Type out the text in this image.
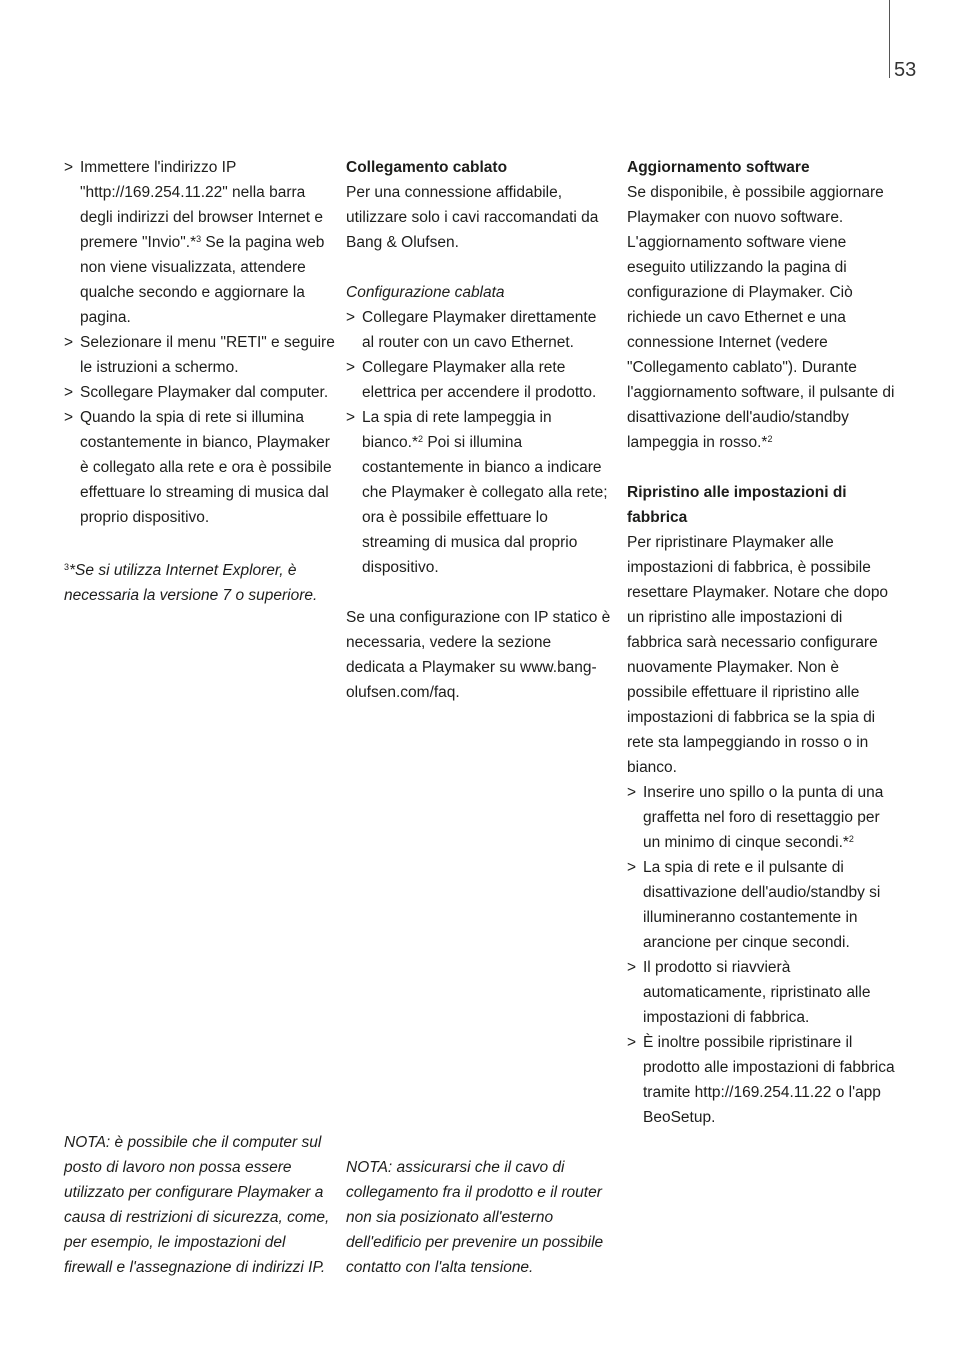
53
> Immettere l'indirizzo IP "http://169.254.11.22" nella barra degli indirizzi del browser Internet e premere "Invio".*$^3$ Se la pagina web non viene visualizzata, attendere qualche secondo e aggiornare la pagina.
> Selezionare il menu "RETI" e seguire le istruzioni a schermo.
> Scollegare Playmaker dal computer.
> Quando la spia di rete si illumina costantemente in bianco, Playmaker è collegato alla rete e ora è possibile effettuare lo streaming di musica dal proprio dispositivo.
$^3$*Se si utilizza Internet Explorer, è necessaria la versione 7 o superiore.
NOTA: è possibile che il computer sul posto di lavoro non possa essere utilizzato per configurare Playmaker a causa di restrizioni di sicurezza, come, per esempio, le impostazioni del firewall e l'assegnazione di indirizzi IP.
Collegamento cablato
Per una connessione affidabile, utilizzare solo i cavi raccomandati da Bang & Olufsen.
Configurazione cablata
> Collegare Playmaker direttamente al router con un cavo Ethernet.
> Collegare Playmaker alla rete elettrica per accendere il prodotto.
> La spia di rete lampeggia in bianco.*$^2$ Poi si illumina costantemente in bianco a indicare che Playmaker è collegato alla rete; ora è possibile effettuare lo streaming di musica dal proprio dispositivo.
Se una configurazione con IP statico è necessaria, vedere la sezione dedicata a Playmaker su www.bang-olufsen.com/faq.
NOTA: assicurarsi che il cavo di collegamento fra il prodotto e il router non sia posizionato all'esterno dell'edificio per prevenire un possibile contatto con l'alta tensione.
Aggiornamento software
Se disponibile, è possibile aggiornare Playmaker con nuovo software. L'aggiornamento software viene eseguito utilizzando la pagina di configurazione di Playmaker. Ciò richiede un cavo Ethernet e una connessione Internet (vedere "Collegamento cablato"). Durante l'aggiornamento software, il pulsante di disattivazione dell'audio/standby lampeggia in rosso.*$^2$
Ripristino alle impostazioni di fabbrica
Per ripristinare Playmaker alle impostazioni di fabbrica, è possibile resettare Playmaker. Notare che dopo un ripristino alle impostazioni di fabbrica sarà necessario configurare nuovamente Playmaker. Non è possibile effettuare il ripristino alle impostazioni di fabbrica se la spia di rete sta lampeggiando in rosso o in bianco.
> Inserire uno spillo o la punta di una graffetta nel foro di resettaggio per un minimo di cinque secondi.*$^2$
> La spia di rete e il pulsante di disattivazione dell'audio/standby si illumineranno costantemente in arancione per cinque secondi.
> Il prodotto si riavvierà automaticamente, ripristinato alle impostazioni di fabbrica.
> È inoltre possibile ripristinare il prodotto alle impostazioni di fabbrica tramite http://169.254.11.22 o l'app BeoSetup.
